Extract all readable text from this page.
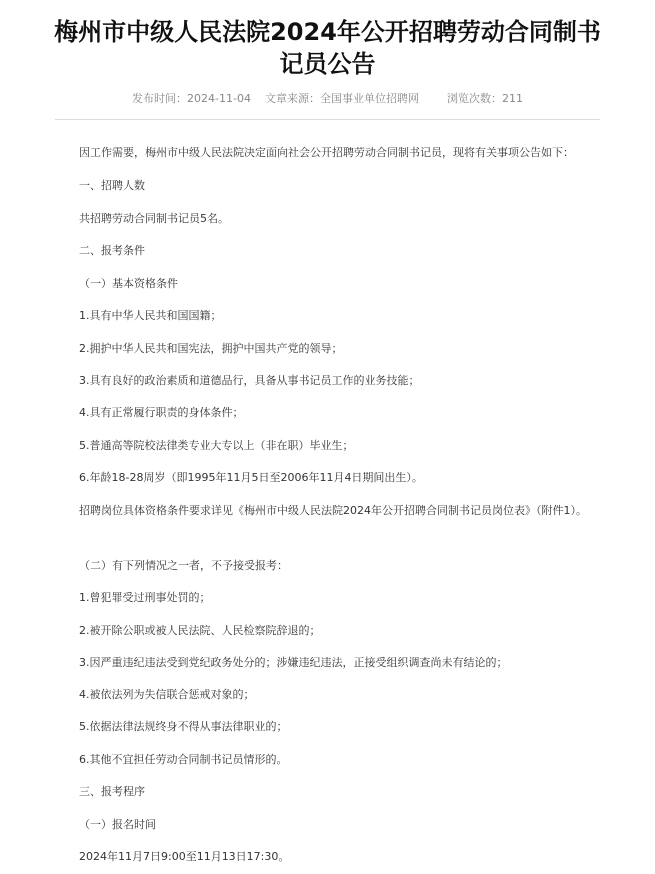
梅州市中级人民法院2024年公开招聘劳动合同制书
记员公告
发布时间：2024-11-04 文章来源：全国事业单位招聘网	浏览次数：211

因工作需要，梅州市中级人民法院决定面向社会公开招聘劳动合同制书记员，现将有关事项公告如下：

一、招聘人数

共招聘劳动合同制书记员5名。

二、报考条件

（一）基本资格条件

1.具有中华人民共和国国籍；

2.拥护中华人民共和国宪法，拥护中国共产党的领导；

3.具有良好的政治素质和道德品行，具备从事书记员工作的业务技能；

4.具有正常履行职责的身体条件；

5.普通高等院校法律类专业大专以上（非在职）毕业生；

6.年龄18-28周岁（即1995年11月5日至2006年11月4日期间出生）。

招聘岗位具体资格条件要求详见《梅州市中级人民法院2024年公开招聘合同制书记员岗位表》（附件1）。

（二）有下列情况之一者，不予接受报考：

1.曾犯罪受过刑事处罚的；

2.被开除公职或被人民法院、人民检察院辞退的；

3.因严重违纪违法受到党纪政务处分的；涉嫌违纪违法，正接受组织调查尚未有结论的；

4.被依法列为失信联合惩戒对象的；

5.依据法律法规终身不得从事法律职业的；

6.其他不宜担任劳动合同制书记员情形的。

三、报考程序

（一）报名时间

2024年11月7日9:00至11月13日17:30。
